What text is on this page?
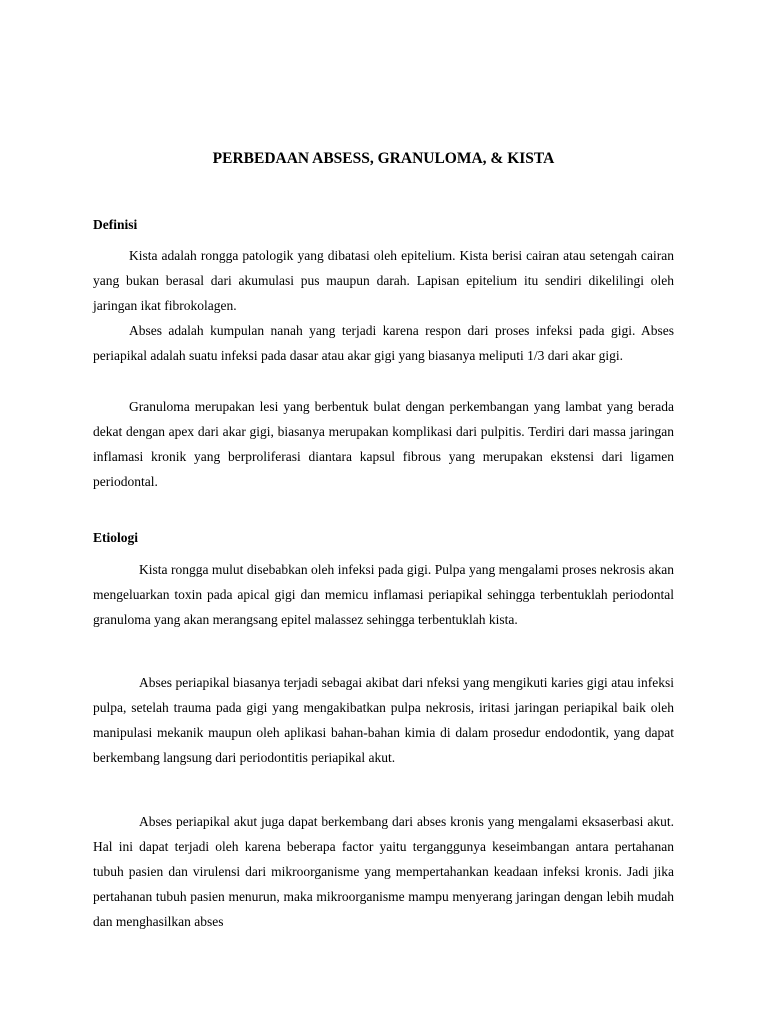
PERBEDAAN ABSESS, GRANULOMA, & KISTA
Definisi

Kista adalah rongga patologik yang dibatasi oleh epitelium. Kista berisi cairan atau setengah cairan yang bukan berasal dari akumulasi pus maupun darah. Lapisan epitelium itu sendiri dikelilingi oleh jaringan ikat fibrokolagen.

Abses adalah kumpulan nanah yang terjadi karena respon dari proses infeksi pada gigi. Abses periapikal adalah suatu infeksi pada dasar atau akar gigi yang biasanya meliputi 1/3 dari akar gigi.

Granuloma merupakan lesi yang berbentuk bulat dengan perkembangan yang lambat yang berada dekat dengan apex dari akar gigi, biasanya merupakan komplikasi dari pulpitis. Terdiri dari massa jaringan inflamasi kronik yang berproliferasi diantara kapsul fibrous yang merupakan ekstensi dari ligamen periodontal.

Etiologi

Kista rongga mulut disebabkan oleh infeksi pada gigi. Pulpa yang mengalami proses nekrosis akan mengeluarkan toxin pada apical gigi dan memicu inflamasi periapikal sehingga terbentuklah periodontal granuloma yang akan merangsang epitel malassez sehingga terbentuklah kista.

Abses periapikal biasanya terjadi sebagai akibat dari nfeksi yang mengikuti karies gigi atau infeksi pulpa, setelah trauma pada gigi yang mengakibatkan pulpa nekrosis, iritasi jaringan periapikal baik oleh manipulasi mekanik maupun oleh aplikasi bahan-bahan kimia di dalam prosedur endodontik, yang dapat berkembang langsung dari periodontitis periapikal akut.

Abses periapikal akut juga dapat berkembang dari abses kronis yang mengalami eksaserbasi akut. Hal ini dapat terjadi oleh karena beberapa factor yaitu terganggunya keseimbangan antara pertahanan tubuh pasien dan virulensi dari mikroorganisme yang mempertahankan keadaan infeksi kronis. Jadi jika pertahanan tubuh pasien menurun, maka mikroorganisme mampu menyerang jaringan dengan lebih mudah dan menghasilkan abses
